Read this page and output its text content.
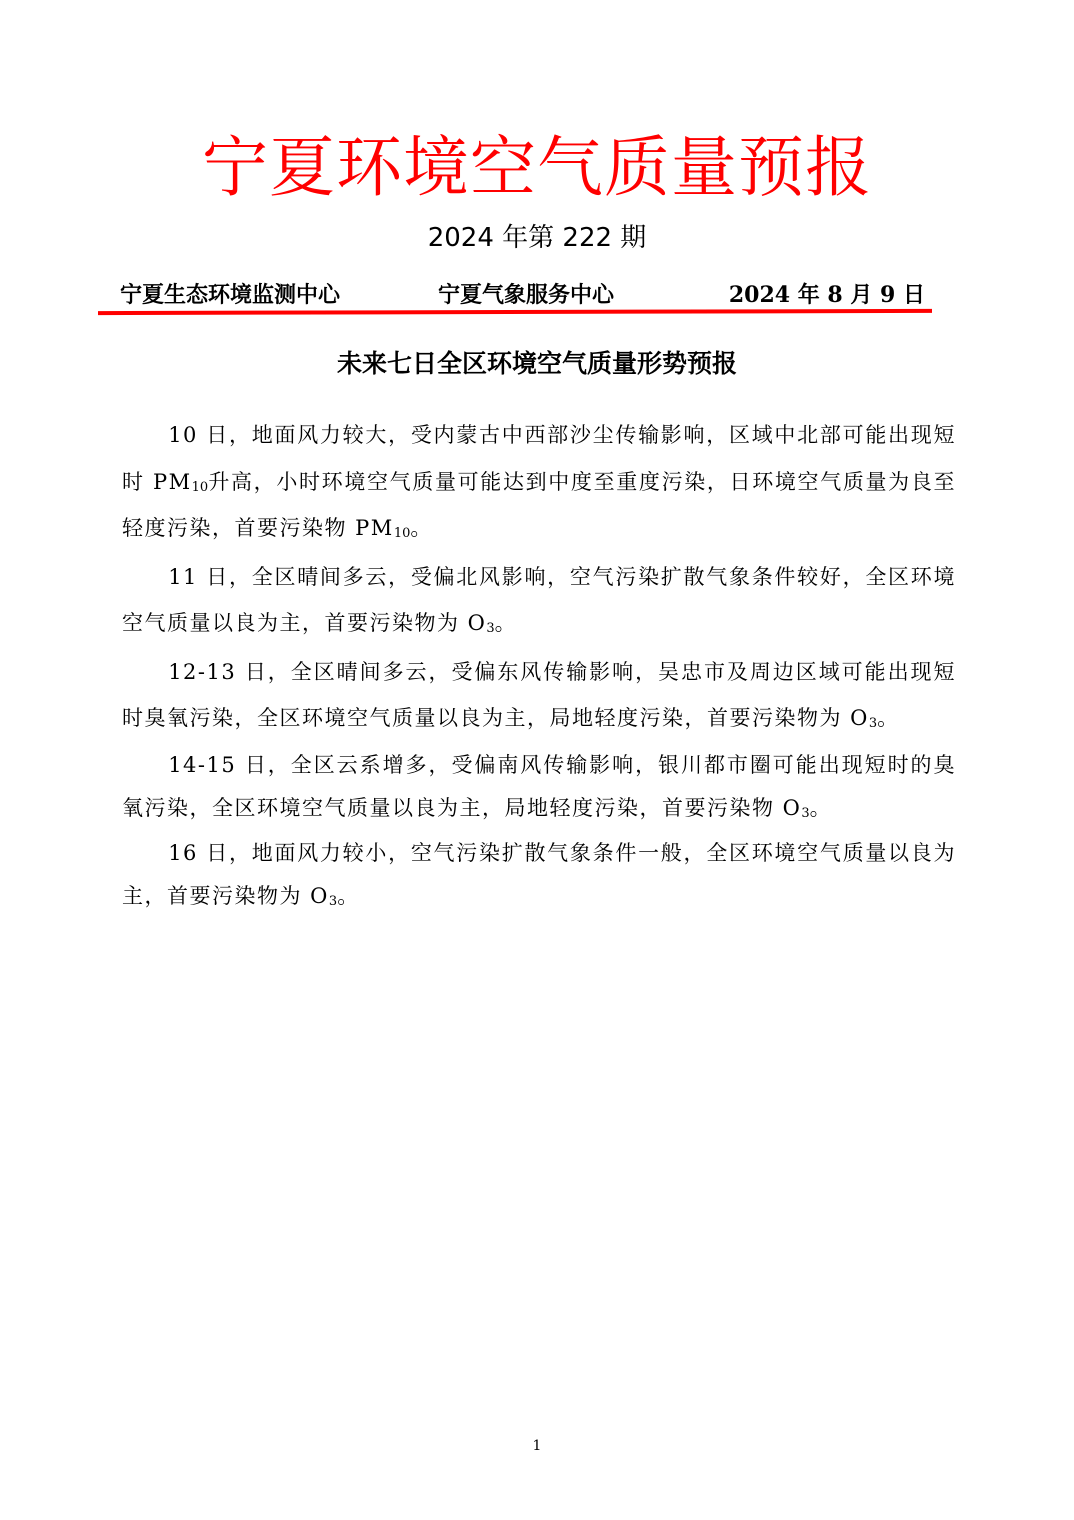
宁夏环境空气质量预报
2024 年第 222 期
宁夏生态环境监测中心	宁夏气象服务中心	2024 年 8 月 9 日
未来七日全区环境空气质量形势预报

10 日，地面风力较大，受内蒙古中西部沙尘传输影响，区域中北部可能出现短时 $PM_{10}$升高，小时环境空气质量可能达到中度至重度污染，日环境空气质量为良至轻度污染，首要污染物 $PM_{10}$。

11 日，全区晴间多云，受偏北风影响，空气污染扩散气象条件较好，全区环境空气质量以良为主，首要污染物为 $O_3$。

12-13 日，全区晴间多云，受偏东风传输影响，吴忠市及周边区域可能出现短时臭氧污染，全区环境空气质量以良为主，局地轻度污染，首要污染物为 $O_3$。

14-15 日，全区云系增多，受偏南风传输影响，银川都市圈可能出现短时的臭氧污染，全区环境空气质量以良为主，局地轻度污染，首要污染物 $O_3$。

16 日，地面风力较小，空气污染扩散气象条件一般，全区环境空气质量以良为主，首要污染物为 $O_3$。

1
